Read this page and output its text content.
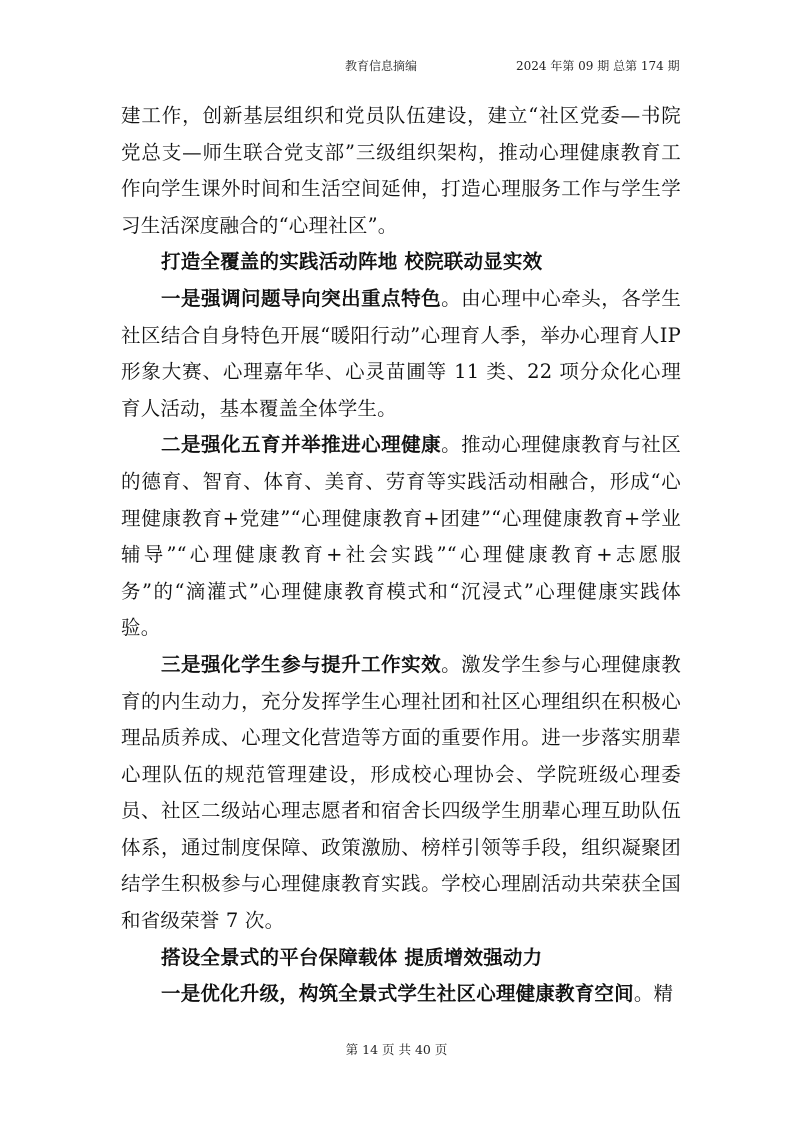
教育信息摘编	2024 年第 09 期 总第 174 期

建工作，创新基层组织和党员队伍建设，建立“社区党委—书院党总支—师生联合党支部”三级组织架构，推动心理健康教育工作向学生课外时间和生活空间延伸，打造心理服务工作与学生学习生活深度融合的“心理社区”。

打造全覆盖的实践活动阵地 校院联动显实效

一是强调问题导向突出重点特色。由心理中心牵头，各学生社区结合自身特色开展“暖阳行动”心理育人季，举办心理育人IP 形象大赛、心理嘉年华、心灵苗圃等 11 类、22 项分众化心理育人活动，基本覆盖全体学生。

二是强化五育并举推进心理健康。推动心理健康教育与社区的德育、智育、体育、美育、劳育等实践活动相融合，形成“心理健康教育+党建”“心理健康教育+团建”“心理健康教育+学业辅导”“心理健康教育+社会实践”“心理健康教育+志愿服务”的“滴灌式”心理健康教育模式和“沉浸式”心理健康实践体验。

三是强化学生参与提升工作实效。激发学生参与心理健康教育的内生动力，充分发挥学生心理社团和社区心理组织在积极心理品质养成、心理文化营造等方面的重要作用。进一步落实朋辈心理队伍的规范管理建设，形成校心理协会、学院班级心理委员、社区二级站心理志愿者和宿舍长四级学生朋辈心理互助队伍体系，通过制度保障、政策激励、榜样引领等手段，组织凝聚团结学生积极参与心理健康教育实践。学校心理剧活动共荣获全国和省级荣誉 7 次。

搭设全景式的平台保障载体 提质增效强动力

一是优化升级，构筑全景式学生社区心理健康教育空间。精

第 14 页 共 40 页
